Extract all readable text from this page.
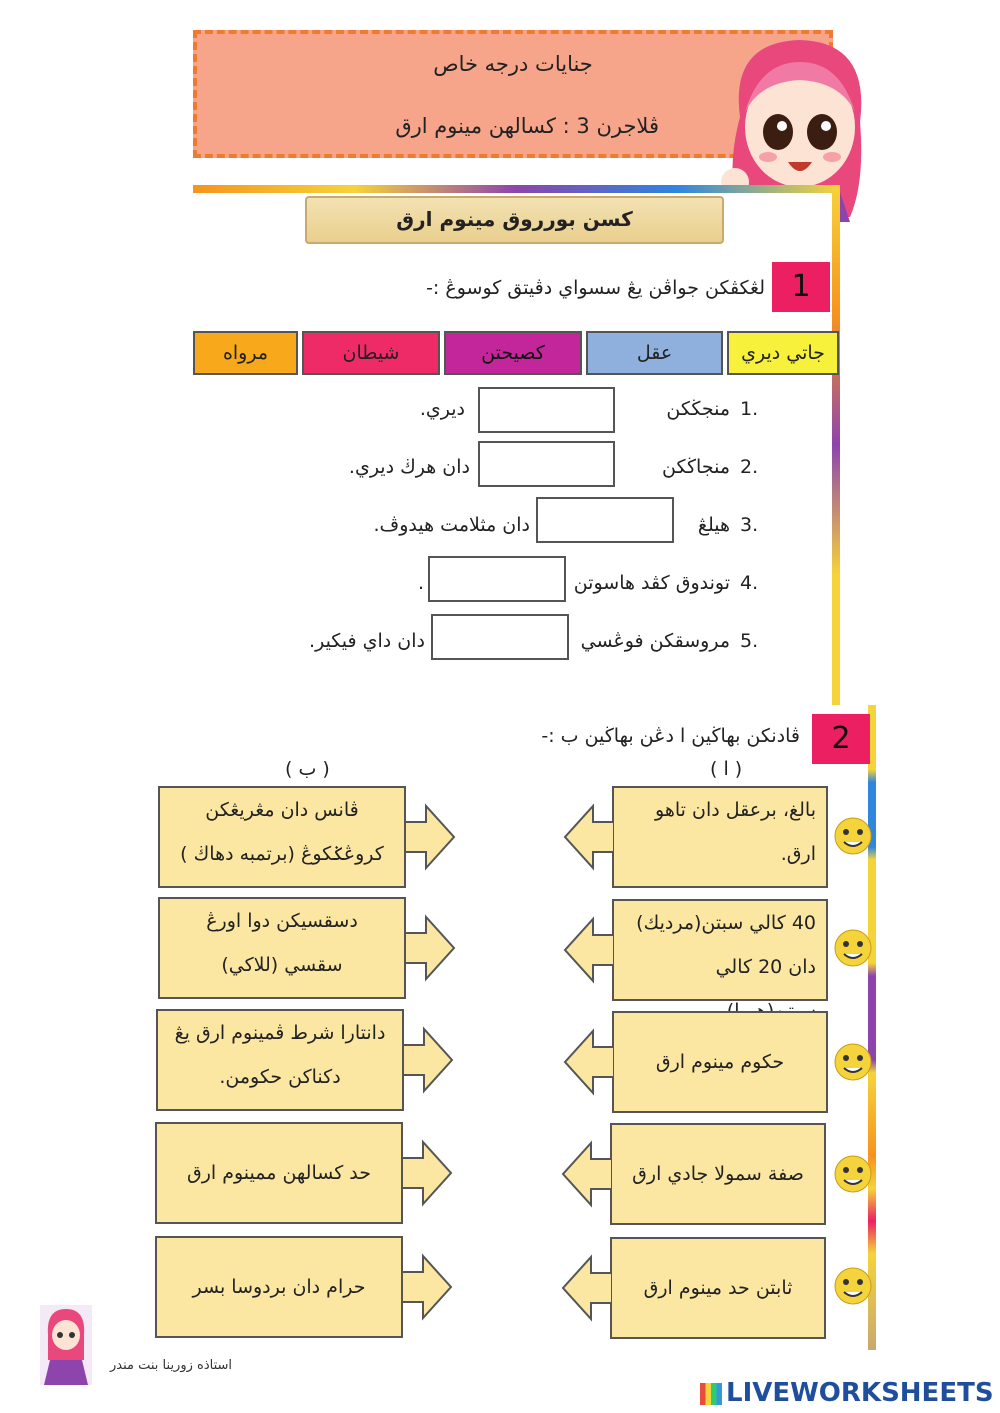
جنايات درجه خاص
ڤلاجرن 3 : كسالهن مينوم ارق
كسن بورروق مينوم ارق
1
لڠكڤكن جواڤن يڠ سسواي دڤيتق كوسوڠ :-
جاتي ديري
عقل
كصيحتن
شيطان
مرواه
1.
منجڬكن
ديري.
2.
منجاڬكن
دان هرڬ ديري.
3.
هيلڠ
دان مثلامت هيدوڤ.
4.
توندوق كڤد هاسوتن
.
5.
مروسقكن فوڠسي
دان داي فيكير.
2
ڤادنكن بهاڬين ا دڠن بهاڬين ب :-
( ا )
( ب )
بالغ، برعقل دان تاهو
ارق.
40 كالي سبتن(مرديك)
دان 20 كالي
حكوم مينوم ارق
صفة سمولا جادي ارق
ثابتن حد مينوم ارق
ڤانس دان مڠريڠكن
كروڠݢكوڠ (برتمبه دهاڬ )
دسقسيكن دوا اورڠ
سقسي (للاكي)
دانتارا شرط ڤمينوم ارق يڠ
دكناكن حكومن.
حد كسالهن ممينوم ارق
حرام دان بردوسا بسر
استاذه زورينا بنت مندر
LIVEWORKSHEETS
